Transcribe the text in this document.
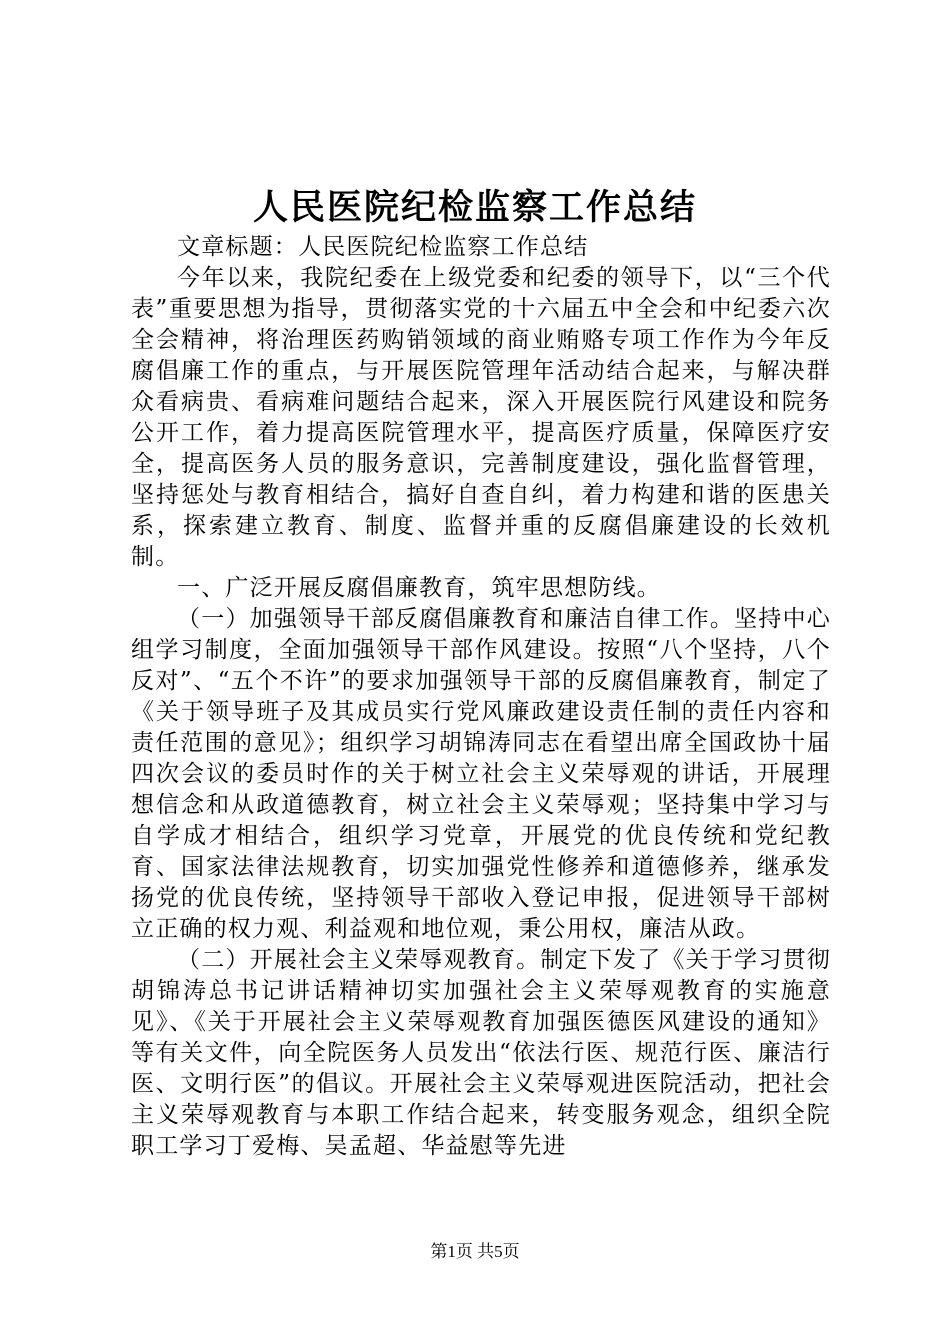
人民医院纪检监察工作总结

文章标题：人民医院纪检监察工作总结

今年以来，我院纪委在上级党委和纪委的领导下，以“三个代表”重要思想为指导，贯彻落实党的十六届五中全会和中纪委六次全会精神，将治理医药购销领域的商业贿赂专项工作作为今年反腐倡廉工作的重点，与开展医院管理年活动结合起来，与解决群众看病贵、看病难问题结合起来，深入开展医院行风建设和院务公开工作，着力提高医院管理水平，提高医疗质量，保障医疗安全，提高医务人员的服务意识，完善制度建设，强化监督管理，坚持惩处与教育相结合，搞好自查自纠，着力构建和谐的医患关系，探索建立教育、制度、监督并重的反腐倡廉建设的长效机制。

一、广泛开展反腐倡廉教育，筑牢思想防线。

（一）加强领导干部反腐倡廉教育和廉洁自律工作。坚持中心组学习制度，全面加强领导干部作风建设。按照“八个坚持，八个反对”、“五个不许”的要求加强领导干部的反腐倡廉教育，制定了《关于领导班子及其成员实行党风廉政建设责任制的责任内容和责任范围的意见》；组织学习胡锦涛同志在看望出席全国政协十届四次会议的委员时作的关于树立社会主义荣辱观的讲话，开展理想信念和从政道德教育，树立社会主义荣辱观；坚持集中学习与自学成才相结合，组织学习党章，开展党的优良传统和党纪教育、国家法律法规教育，切实加强党性修养和道德修养，继承发扬党的优良传统，坚持领导干部收入登记申报，促进领导干部树立正确的权力观、利益观和地位观，秉公用权，廉洁从政。

（二）开展社会主义荣辱观教育。制定下发了《关于学习贯彻胡锦涛总书记讲话精神切实加强社会主义荣辱观教育的实施意见》、《关于开展社会主义荣辱观教育加强医德医风建设的通知》等有关文件，向全院医务人员发出“依法行医、规范行医、廉洁行医、文明行医”的倡议。开展社会主义荣辱观进医院活动，把社会主义荣辱观教育与本职工作结合起来，转变服务观念，组织全院职工学习丁爱梅、吴孟超、华益慰等先进

第1页 共5页
